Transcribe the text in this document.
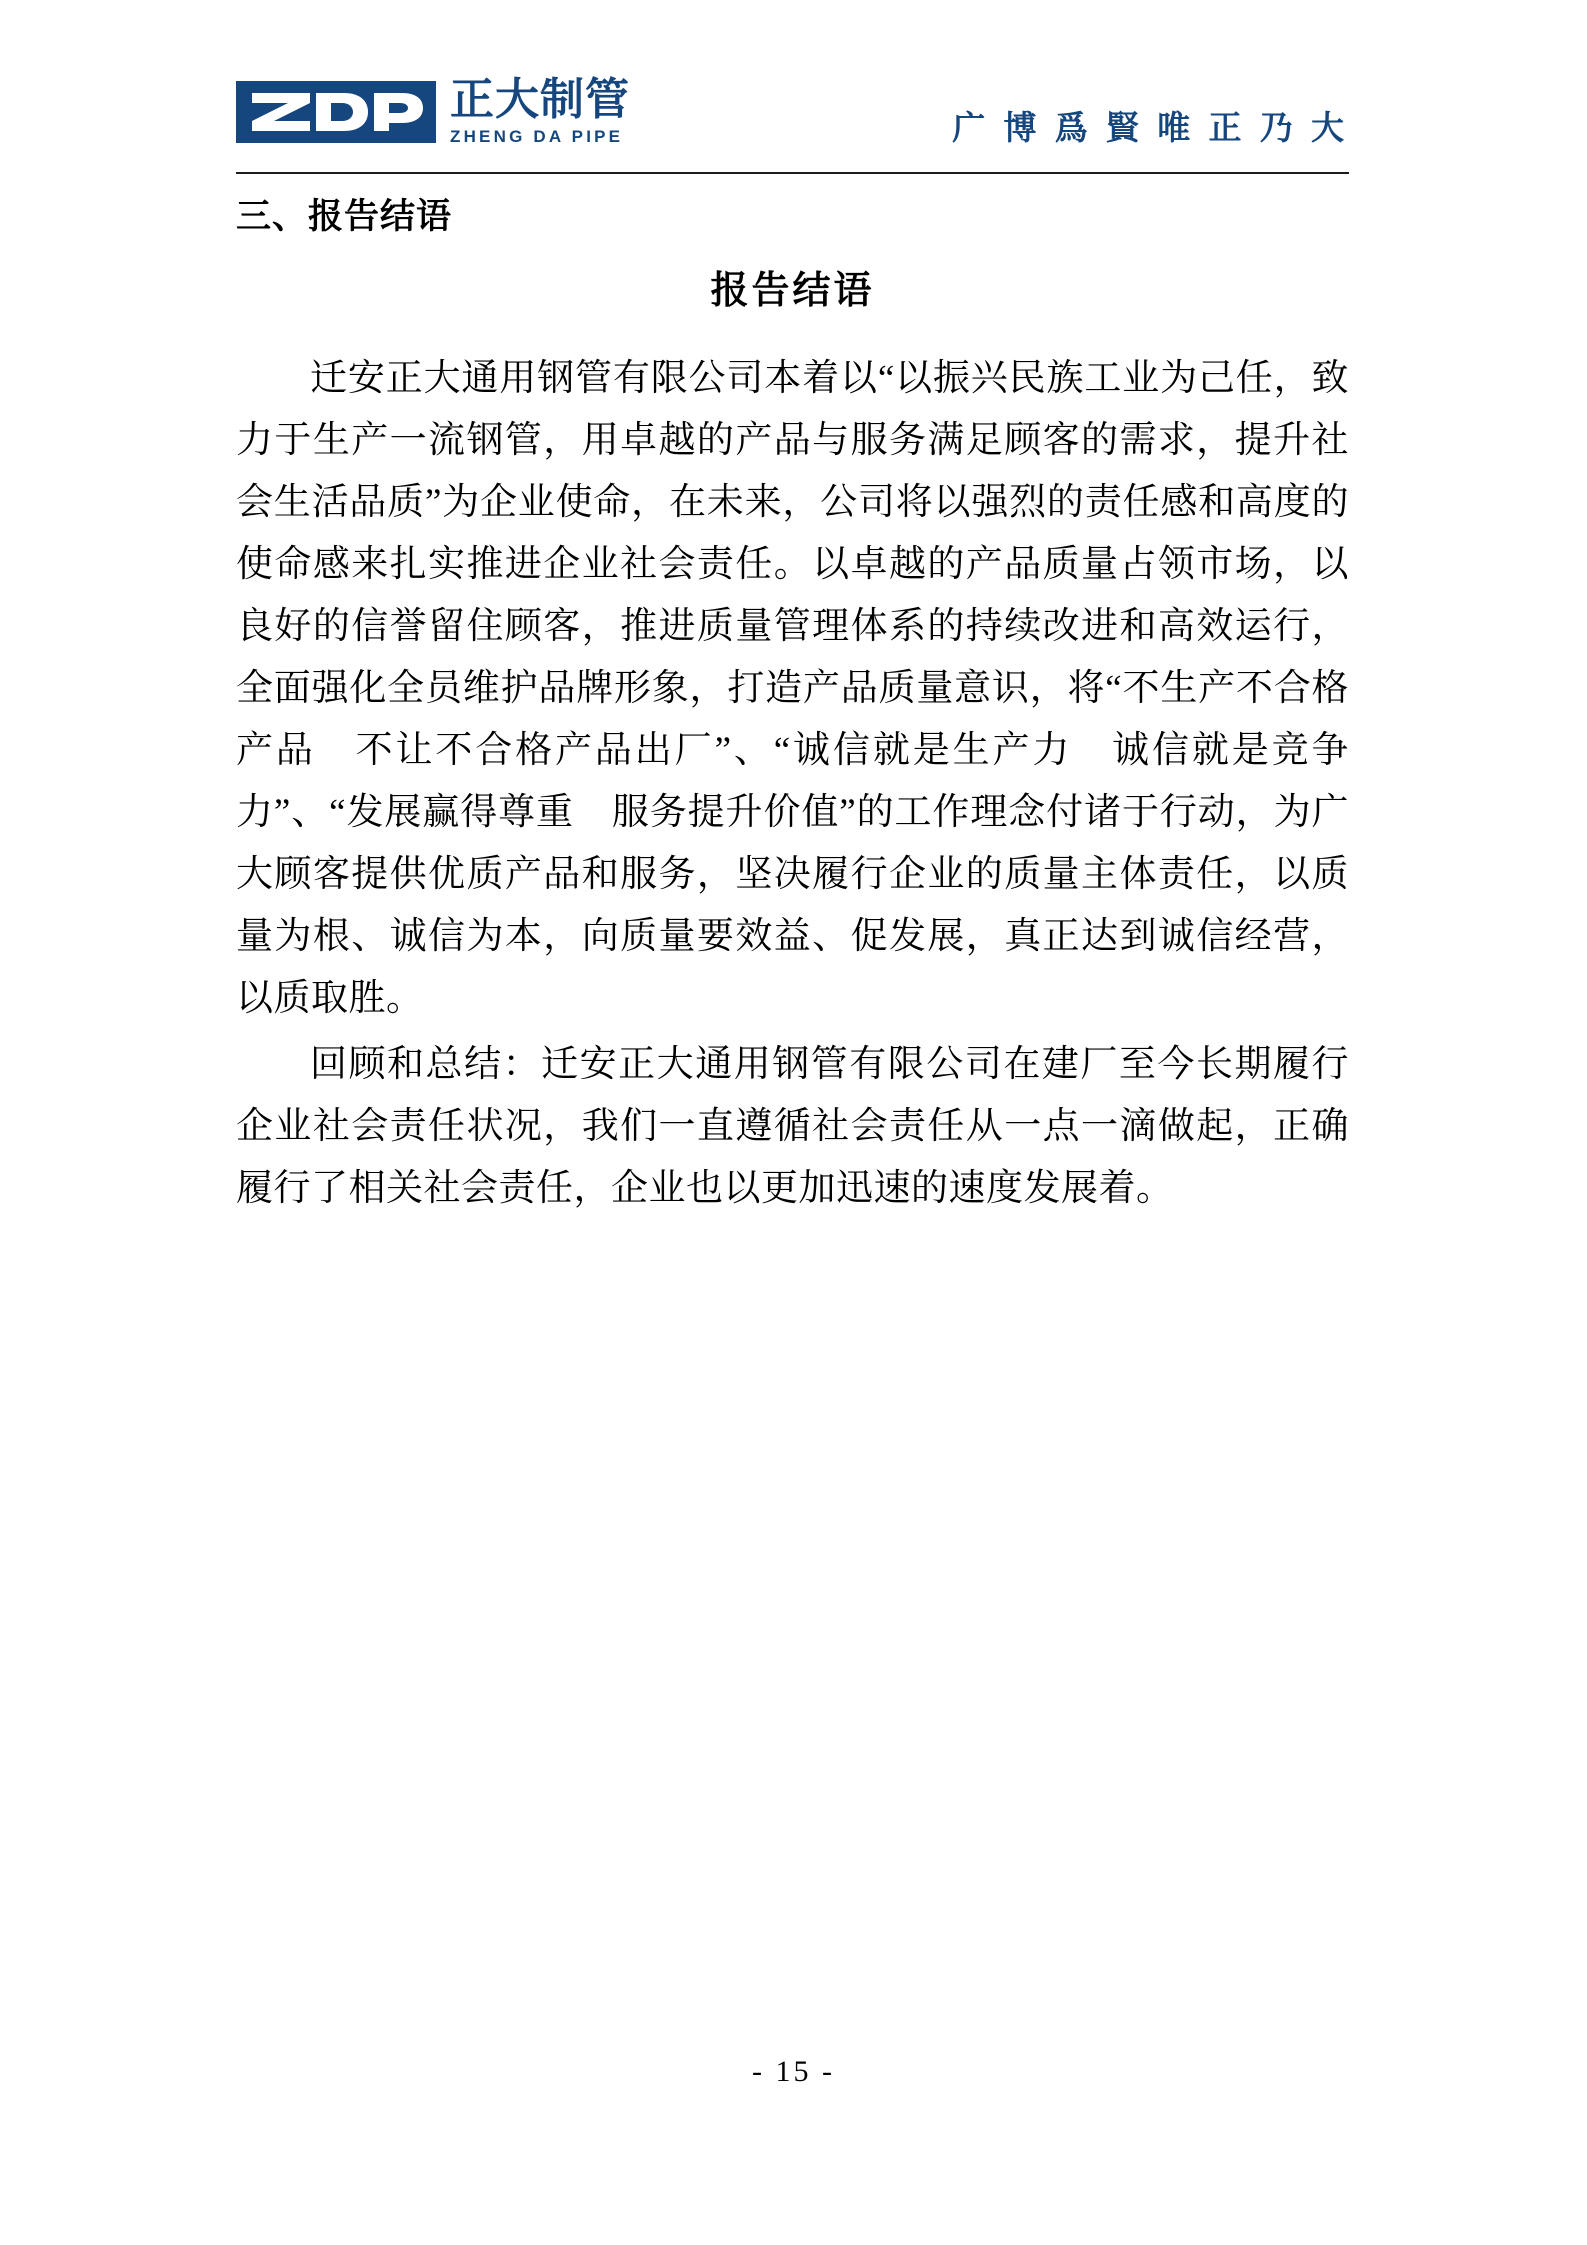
正大制管
ZHENG DA PIPE	广 博 爲 賢 唯 正 乃 大
三、报告结语
报告结语

迁安正大通用钢管有限公司本着以“以振兴民族工业为己任，致力于生产一流钢管，用卓越的产品与服务满足顾客的需求，提升社会生活品质”为企业使命，在未来，公司将以强烈的责任感和高度的使命感来扎实推进企业社会责任。以卓越的产品质量占领市场，以良好的信誉留住顾客，推进质量管理体系的持续改进和高效运行，全面强化全员维护品牌形象，打造产品质量意识，将“不生产不合格产品　不让不合格产品出厂”、“诚信就是生产力　诚信就是竞争力”、“发展赢得尊重　服务提升价值”的工作理念付诸于行动，为广大顾客提供优质产品和服务，坚决履行企业的质量主体责任，以质量为根、诚信为本，向质量要效益、促发展，真正达到诚信经营，以质取胜。

回顾和总结：迁安正大通用钢管有限公司在建厂至今长期履行企业社会责任状况，我们一直遵循社会责任从一点一滴做起，正确履行了相关社会责任，企业也以更加迅速的速度发展着。

- 15 -
